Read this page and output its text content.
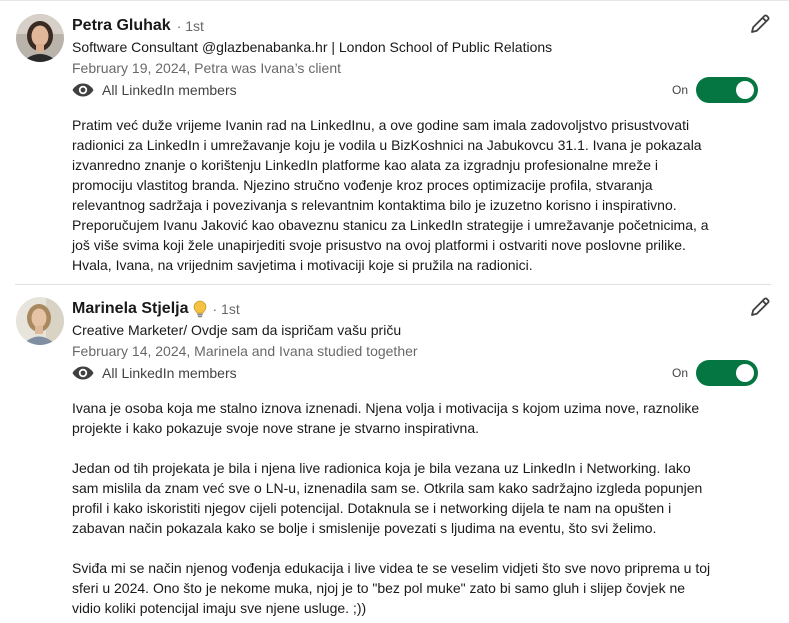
Petra Gluhak · 1st
Software Consultant @glazbenabanka.hr | London School of Public Relations
February 19, 2024, Petra was Ivana’s client
All LinkedIn members	On

Pratim već duže vrijeme Ivanin rad na LinkedInu, a ove godine sam imala zadovoljstvo prisustvovati radionici za LinkedIn i umrežavanje koju je vodila u BizKoshnici na Jabukovcu 31.1. Ivana je pokazala izvanredno znanje o korištenju LinkedIn platforme kao alata za izgradnju profesionalne mreže i promociju vlastitog branda. Njezino stručno vođenje kroz proces optimizacije profila, stvaranja relevantnog sadržaja i povezivanja s relevantnim kontaktima bilo je izuzetno korisno i inspirativno. Preporučujem Ivanu Jaković kao obaveznu stanicu za LinkedIn strategije i umrežavanje početnicima, a još više svima koji žele unapirjediti svoje prisustvo na ovoj platformi i ostvariti nove poslovne prilike. Hvala, Ivana, na vrijednim savjetima i motivaciji koje si pružila na radionici.

Marinela Stjelja · 1st
Creative Marketer/ Ovdje sam da ispričam vašu priču
February 14, 2024, Marinela and Ivana studied together
All LinkedIn members	On

Ivana je osoba koja me stalno iznova iznenadi. Njena volja i motivacija s kojom uzima nove, raznolike projekte i kako pokazuje svoje nove strane je stvarno inspirativna.

Jedan od tih projekata je bila i njena live radionica koja je bila vezana uz LinkedIn i Networking. Iako sam mislila da znam već sve o LN-u, iznenadila sam se. Otkrila sam kako sadržajno izgleda popunjen profil i kako iskoristiti njegov cijeli potencijal. Dotaknula se i networking dijela te nam na opušten i zabavan način pokazala kako se bolje i smislenije povezati s ljudima na eventu, što svi želimo.

Sviđa mi se način njenog vođenja edukacija i live videa te se veselim vidjeti što sve novo priprema u toj sferi u 2024. Ono što je nekome muka, njoj je to "bez pol muke" zato bi samo gluh i slijep čovjek ne vidio koliki potencijal imaju sve njene usluge. ;))
